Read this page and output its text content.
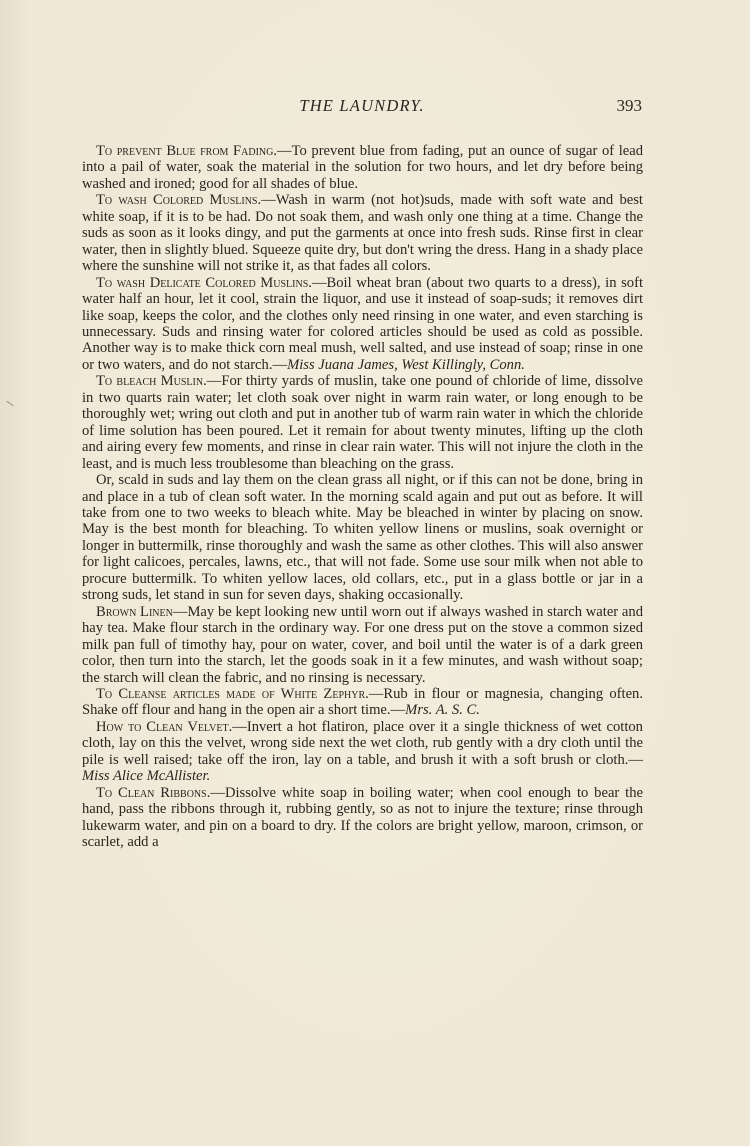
THE LAUNDRY.	393

To prevent Blue from Fading.—To prevent blue from fading, put an ounce of sugar of lead into a pail of water, soak the material in the solution for two hours, and let dry before being washed and ironed; good for all shades of blue.

To wash Colored Muslins.—Wash in warm (not hot)suds, made with soft wate and best white soap, if it is to be had. Do not soak them, and wash only one thing at a time. Change the suds as soon as it looks dingy, and put the garments at once into fresh suds. Rinse first in clear water, then in slightly blued. Squeeze quite dry, but don't wring the dress. Hang in a shady place where the sunshine will not strike it, as that fades all colors.

To wash Delicate Colored Muslins.—Boil wheat bran (about two quarts to a dress), in soft water half an hour, let it cool, strain the liquor, and use it instead of soap-suds; it removes dirt like soap, keeps the color, and the clothes only need rinsing in one water, and even starching is unnecessary. Suds and rinsing water for colored articles should be used as cold as possible. Another way is to make thick corn meal mush, well salted, and use instead of soap; rinse in one or two waters, and do not starch.—Miss Juana James, West Killingly, Conn.

To bleach Muslin.—For thirty yards of muslin, take one pound of chloride of lime, dissolve in two quarts rain water; let cloth soak over night in warm rain water, or long enough to be thoroughly wet; wring out cloth and put in another tub of warm rain water in which the chloride of lime solution has been poured. Let it remain for about twenty minutes, lifting up the cloth and airing every few moments, and rinse in clear rain water. This will not injure the cloth in the least, and is much less troublesome than bleaching on the grass.

Or, scald in suds and lay them on the clean grass all night, or if this can not be done, bring in and place in a tub of clean soft water. In the morning scald again and put out as before. It will take from one to two weeks to bleach white. May be bleached in winter by placing on snow. May is the best month for bleaching. To whiten yellow linens or muslins, soak overnight or longer in buttermilk, rinse thoroughly and wash the same as other clothes. This will also answer for light calicoes, percales, lawns, etc., that will not fade. Some use sour milk when not able to procure buttermilk. To whiten yellow laces, old collars, etc., put in a glass bottle or jar in a strong suds, let stand in sun for seven days, shaking occasionally.

Brown Linen—May be kept looking new until worn out if always washed in starch water and hay tea. Make flour starch in the ordinary way. For one dress put on the stove a common sized milk pan full of timothy hay, pour on water, cover, and boil until the water is of a dark green color, then turn into the starch, let the goods soak in it a few minutes, and wash without soap; the starch will clean the fabric, and no rinsing is necessary.

To Cleanse articles made of White Zephyr.—Rub in flour or magnesia, changing often. Shake off flour and hang in the open air a short time.—Mrs. A. S. C.

How to Clean Velvet.—Invert a hot flatiron, place over it a single thickness of wet cotton cloth, lay on this the velvet, wrong side next the wet cloth, rub gently with a dry cloth until the pile is well raised; take off the iron, lay on a table, and brush it with a soft brush or cloth.—Miss Alice McAllister.

To Clean Ribbons.—Dissolve white soap in boiling water; when cool enough to bear the hand, pass the ribbons through it, rubbing gently, so as not to injure the texture; rinse through lukewarm water, and pin on a board to dry. If the colors are bright yellow, maroon, crimson, or scarlet, add a
